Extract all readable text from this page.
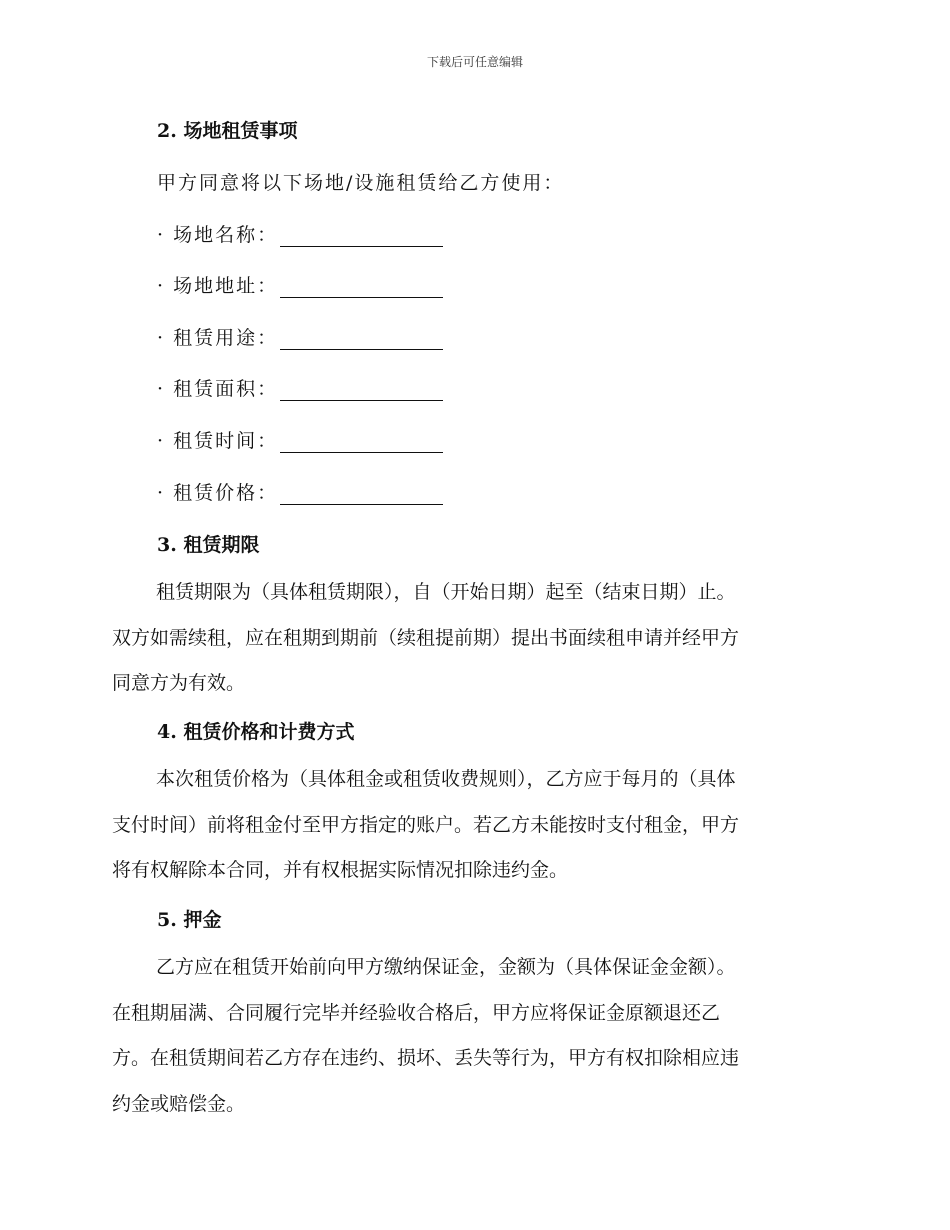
下载后可任意编辑
2. 场地租赁事项
甲方同意将以下场地/设施租赁给乙方使用：
· 场地名称：
· 场地地址：
· 租赁用途：
· 租赁面积：
· 租赁时间：
· 租赁价格：
3. 租赁期限
租赁期限为（具体租赁期限），自（开始日期）起至（结束日期）止。
双方如需续租，应在租期到期前（续租提前期）提出书面续租申请并经甲方
同意方为有效。
4. 租赁价格和计费方式
本次租赁价格为（具体租金或租赁收费规则），乙方应于每月的（具体
支付时间）前将租金付至甲方指定的账户。若乙方未能按时支付租金，甲方
将有权解除本合同，并有权根据实际情况扣除违约金。
5. 押金
乙方应在租赁开始前向甲方缴纳保证金，金额为（具体保证金金额）。
在租期届满、合同履行完毕并经验收合格后，甲方应将保证金原额退还乙
方。在租赁期间若乙方存在违约、损坏、丢失等行为，甲方有权扣除相应违
约金或赔偿金。
